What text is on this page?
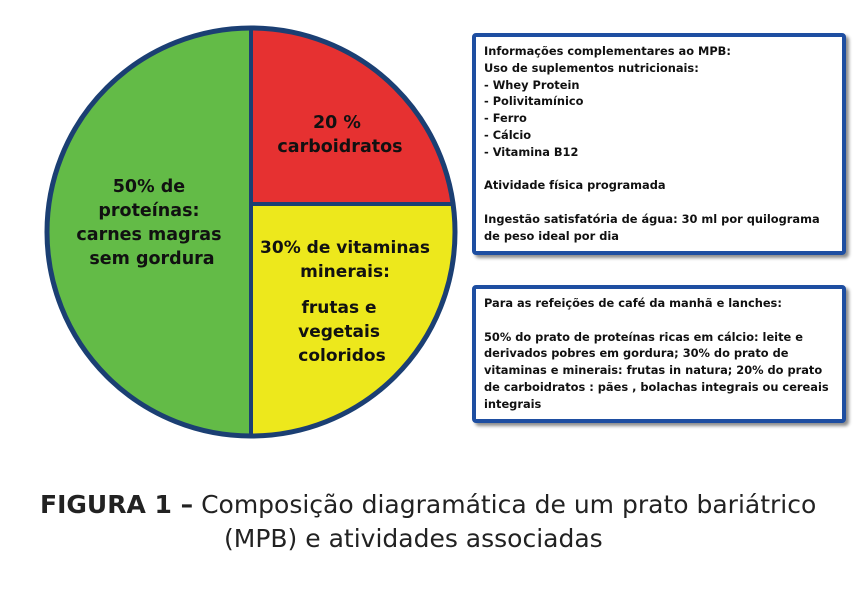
50% de proteínas: carnes magras sem gordura
20 % carboidratos
30% de vitaminas minerais: frutas e vegetais coloridos
Informações complementares ao MPB:
Uso de suplementos nutricionais:
- Whey Protein
- Polivitamínico
- Ferro
- Cálcio
- Vitamina B12
Atividade física programada
Ingestão satisfatória de água: 30 ml por quilograma de peso ideal por dia
Para as refeições de café da manhã e lanches:
50% do prato de proteínas ricas em cálcio: leite e derivados pobres em gordura; 30% do prato de vitaminas e minerais: frutas in natura; 20% do prato de carboidratos : pães , bolachas integrais ou cereais integrais
FIGURA 1 – Composição diagramática de um prato bariátrico
(MPB) e atividades associadas
